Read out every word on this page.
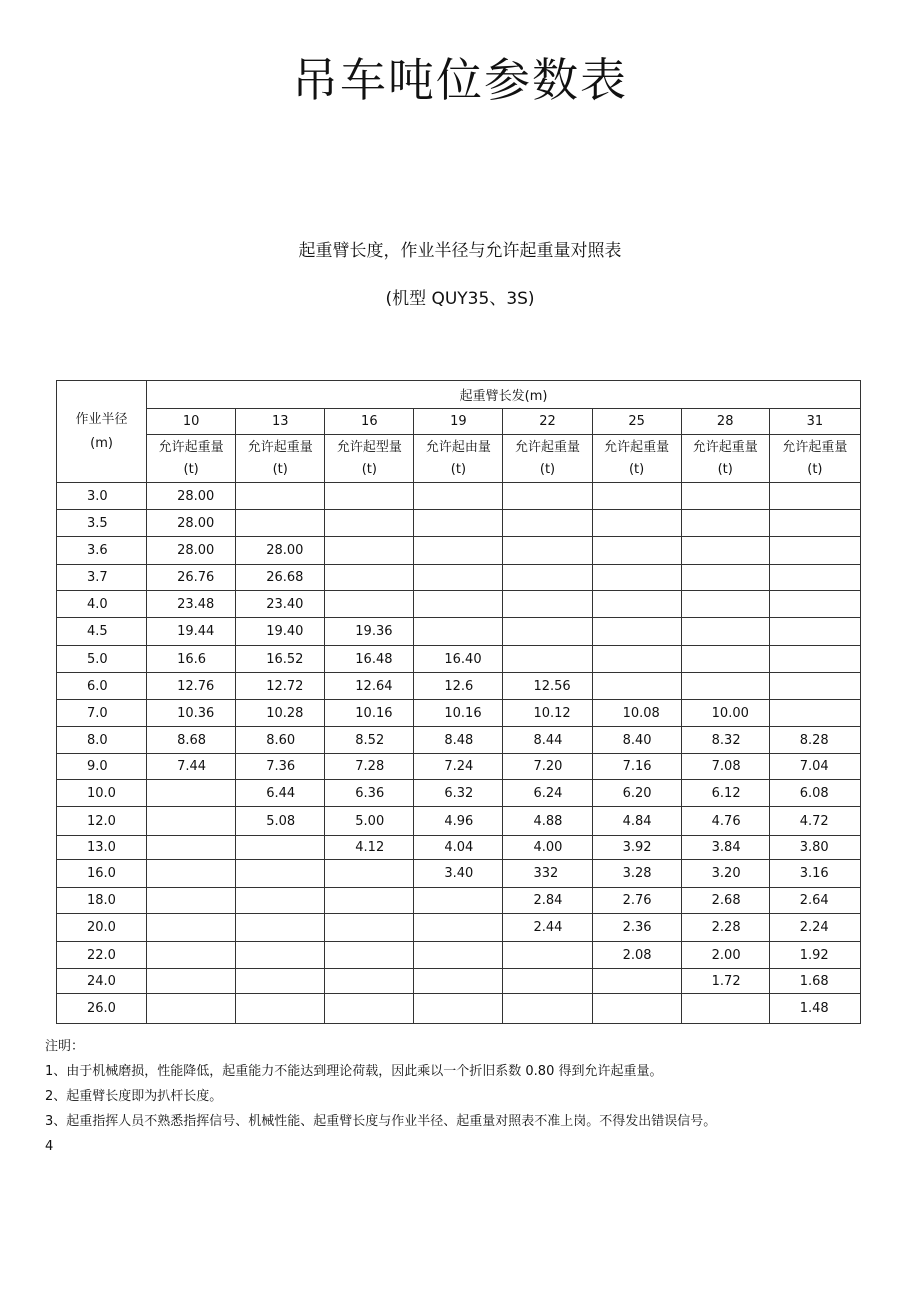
吊车吨位参数表
起重臂长度，作业半径与允许起重量对照表
(机型 QUY35、3S)
作业半径(m)	起重臂长发(m)							
	10	13	16	19	22	25	28	31

	允许起重量(t)	允许起重量(t)	允许起型量(t)	允许起由量(t)	允许起重量(t)	允许起重量(t)	允许起重量(t)	允许起重量(t)

3.0	28.00							
3.5	28.00							
3.6	28.00	28.00						
3.7	26.76	26.68						
4.0	23.48	23.40						
4.5	19.44	19.40	19.36					
5.0	16.6	16.52	16.48	16.40				
6.0	12.76	12.72	12.64	12.6	12.56			
7.0	10.36	10.28	10.16	10.16	10.12	10.08	10.00	
8.0	8.68	8.60	8.52	8.48	8.44	8.40	8.32	8.28
9.0	7.44	7.36	7.28	7.24	7.20	7.16	7.08	7.04
10.0		6.44	6.36	6.32	6.24	6.20	6.12	6.08
12.0		5.08	5.00	4.96	4.88	4.84	4.76	4.72
13.0			4.12	4.04	4.00	3.92	3.84	3.80
16.0				3.40	332	3.28	3.20	3.16
18.0					2.84	2.76	2.68	2.64
20.0					2.44	2.36	2.28	2.24
22.0						2.08	2.00	1.92
24.0							1.72	1.68
26.0								1.48
注明：
1、由于机械磨损，性能降低，起重能力不能达到理论荷载，因此乘以一个折旧系数 0.80 得到允许起重量。
2、起重臂长度即为扒杆长度。
3、起重指挥人员不熟悉指挥信号、机械性能、起重臂长度与作业半径、起重量对照表不准上岗。不得发出错误信号。
4
